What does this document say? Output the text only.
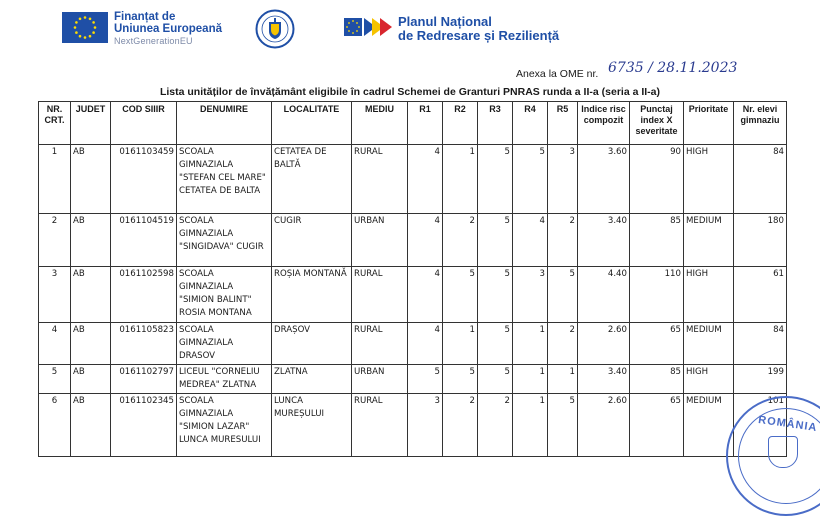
Finanțat de
Uniunea Europeană
NextGenerationEU
Planul Național
de Redresare și Reziliență
Anexa la OME nr. 6735 / 28.11.2023
Lista unităților de învățământ eligibile în cadrul Schemei de Granturi PNRAS runda a II-a (seria a II-a)
NR. CRT.	JUDET	COD SIIIR	DENUMIRE	LOCALITATE	MEDIU	R1	R2	R3	R4	R5	Indice risc compozit	Punctaj index X severitate	Prioritate	Nr. elevi gimnaziu
1	AB	0161103459	SCOALA GIMNAZIALA "STEFAN CEL MARE" CETATEA DE BALTA	CETATEA DE BALTĂ	RURAL	4	1	5	5	3	3.60	90	HIGH	84
2	AB	0161104519	SCOALA GIMNAZIALA "SINGIDAVA" CUGIR	CUGIR	URBAN	4	2	5	4	2	3.40	85	MEDIUM	180
3	AB	0161102598	SCOALA GIMNAZIALA "SIMION BALINT" ROSIA MONTANA	ROȘIA MONTANĂ	RURAL	4	5	5	3	5	4.40	110	HIGH	61
4	AB	0161105823	SCOALA GIMNAZIALA DRASOV	DRAȘOV	RURAL	4	1	5	1	2	2.60	65	MEDIUM	84
5	AB	0161102797	LICEUL "CORNELIU MEDREA" ZLATNA	ZLATNA	URBAN	5	5	5	1	1	3.40	85	HIGH	199
6	AB	0161102345	SCOALA GIMNAZIALA "SIMION LAZAR" LUNCA MURESULUI	LUNCA MUREȘULUI	RURAL	3	2	2	1	5	2.60	65	MEDIUM	101
ROMÂNIA
